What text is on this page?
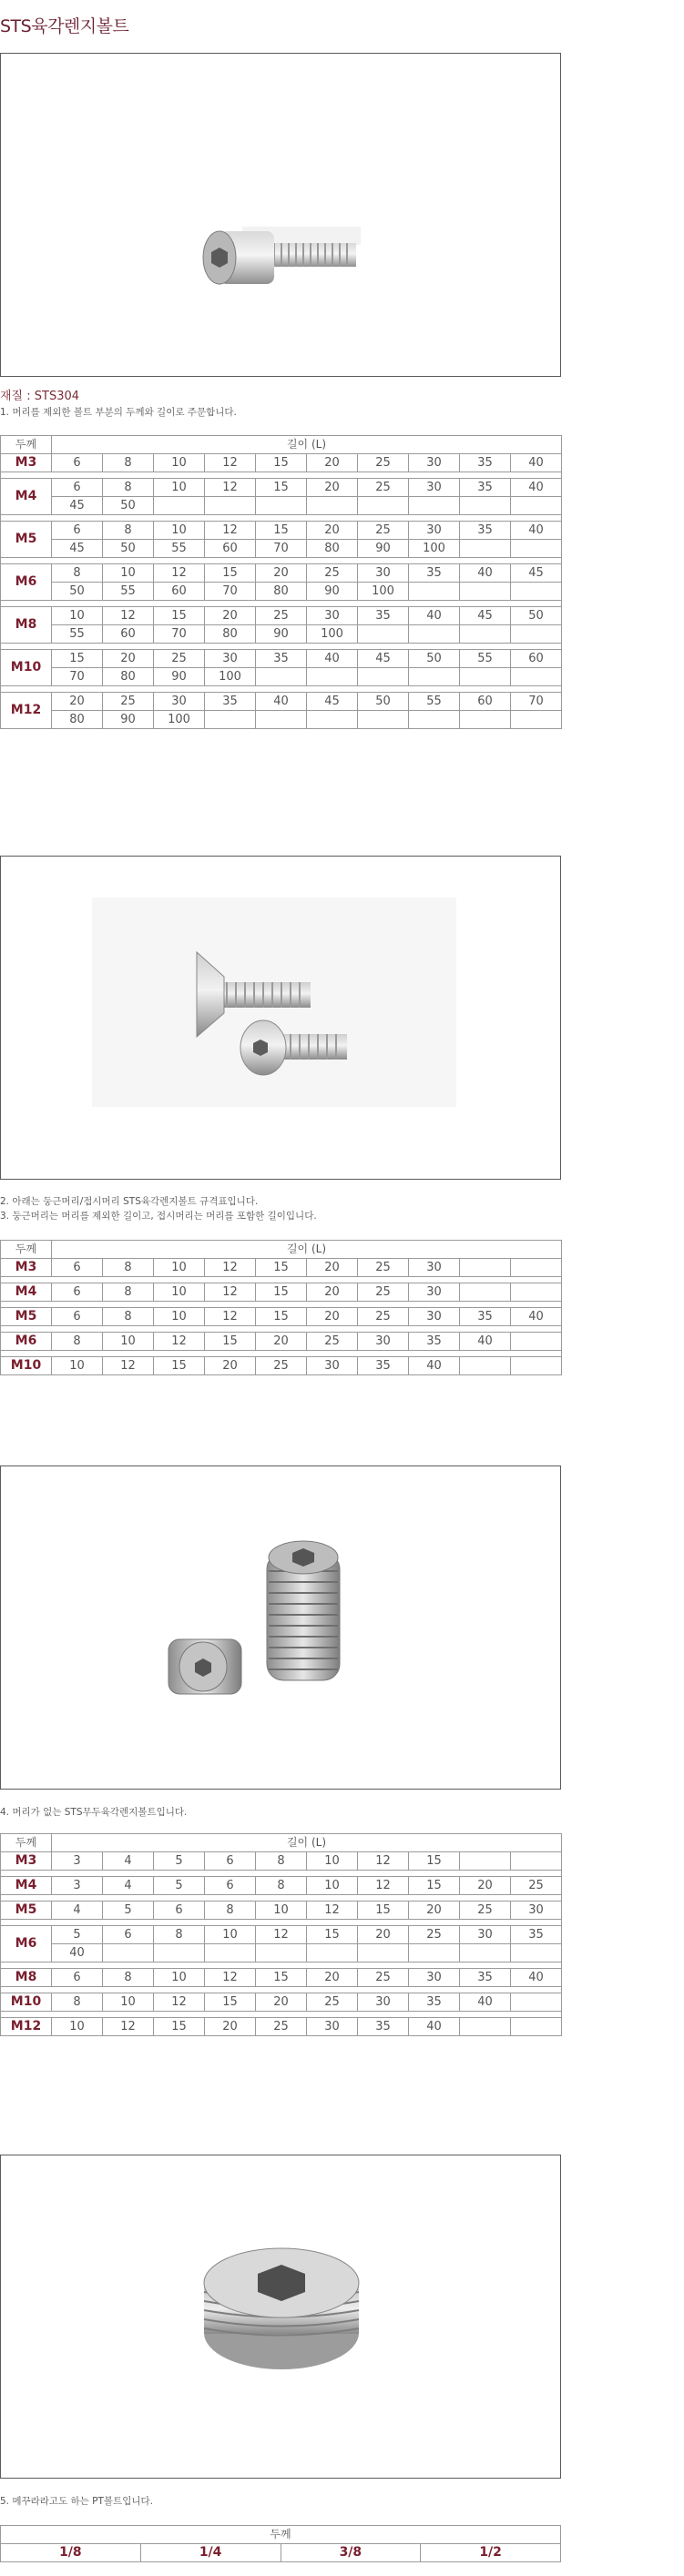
STS육각렌지볼트
재질 : STS304
1. 머리를 제외한 볼트 부분의 두께와 길이로 주문합니다.
두께	길이 (L)									
M3	6	8	10	12	15	20	25	30	35	40

M4	6	8	10	12	15	20	25	30	35	40
	45	50								

M5	6	8	10	12	15	20	25	30	35	40
	45	50	55	60	70	80	90	100		

M6	8	10	12	15	20	25	30	35	40	45
	50	55	60	70	80	90	100			

M8	10	12	15	20	25	30	35	40	45	50
	55	60	70	80	90	100				

M10	15	20	25	30	35	40	45	50	55	60
	70	80	90	100						

M12	20	25	30	35	40	45	50	55	60	70
	80	90	100							
2. 아래는 둥근머리/접시머리 STS육각렌지볼트 규격표입니다.
3. 둥근머리는 머리를 제외한 길이고, 접시머리는 머리를 포함한 길이입니다.
두께	길이 (L)									
M3	6	8	10	12	15	20	25	30		

M4	6	8	10	12	15	20	25	30		

M5	6	8	10	12	15	20	25	30	35	40

M6	8	10	12	15	20	25	30	35	40	

M10	10	12	15	20	25	30	35	40		
4. 머리가 없는 STS무두육각렌지볼트입니다.
두께	길이 (L)									
M3	3	4	5	6	8	10	12	15		

M4	3	4	5	6	8	10	12	15	20	25

M5	4	5	6	8	10	12	15	20	25	30

M6	5	6	8	10	12	15	20	25	30	35
	40									

M8	6	8	10	12	15	20	25	30	35	40

M10	8	10	12	15	20	25	30	35	40	

M12	10	12	15	20	25	30	35	40		
5. 메꾸라라고도 하는 PT볼트입니다.
두께
1/8	1/4	3/8	1/2
